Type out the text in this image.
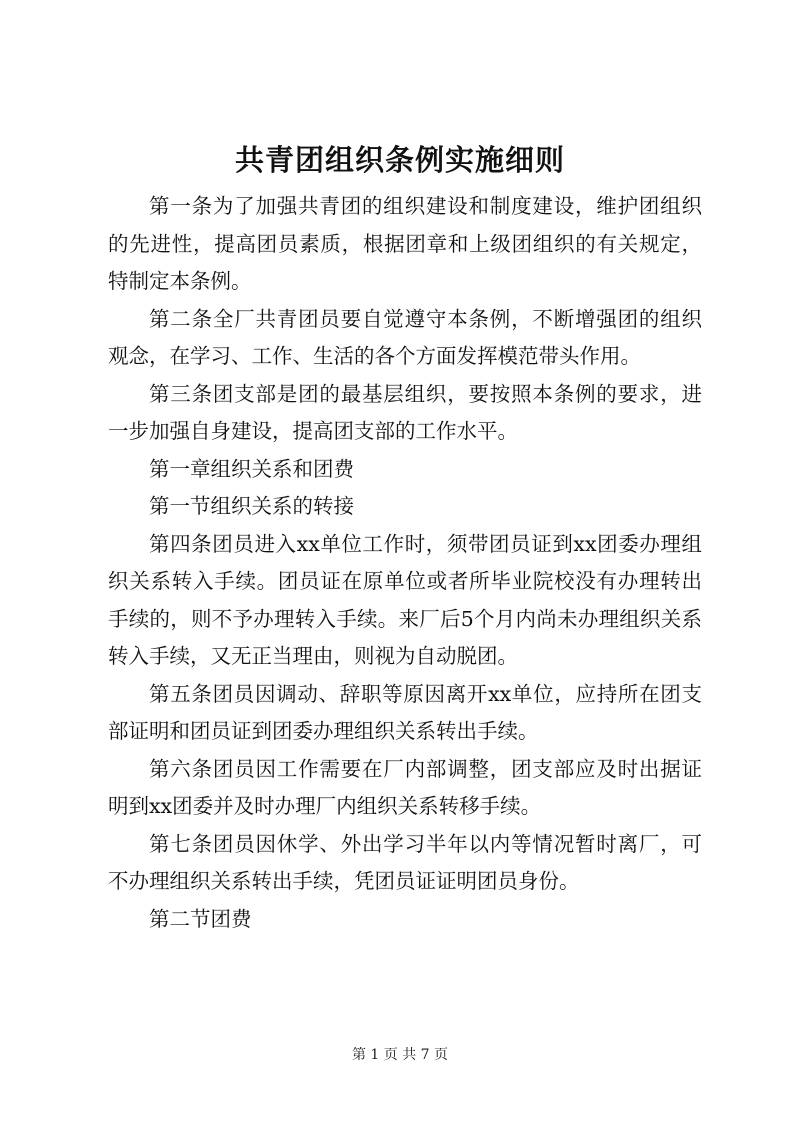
共青团组织条例实施细则

第一条为了加强共青团的组织建设和制度建设，维护团组织的先进性，提高团员素质，根据团章和上级团组织的有关规定，特制定本条例。

第二条全厂共青团员要自觉遵守本条例，不断增强团的组织观念，在学习、工作、生活的各个方面发挥模范带头作用。

第三条团支部是团的最基层组织，要按照本条例的要求，进一步加强自身建设，提高团支部的工作水平。

第一章组织关系和团费

第一节组织关系的转接

第四条团员进入xx单位工作时，须带团员证到xx团委办理组织关系转入手续。团员证在原单位或者所毕业院校没有办理转出手续的，则不予办理转入手续。来厂后5个月内尚未办理组织关系转入手续，又无正当理由，则视为自动脱团。

第五条团员因调动、辞职等原因离开xx单位，应持所在团支部证明和团员证到团委办理组织关系转出手续。

第六条团员因工作需要在厂内部调整，团支部应及时出据证明到xx团委并及时办理厂内组织关系转移手续。

第七条团员因休学、外出学习半年以内等情况暂时离厂，可不办理组织关系转出手续，凭团员证证明团员身份。

第二节团费

第 1 页 共 7 页
